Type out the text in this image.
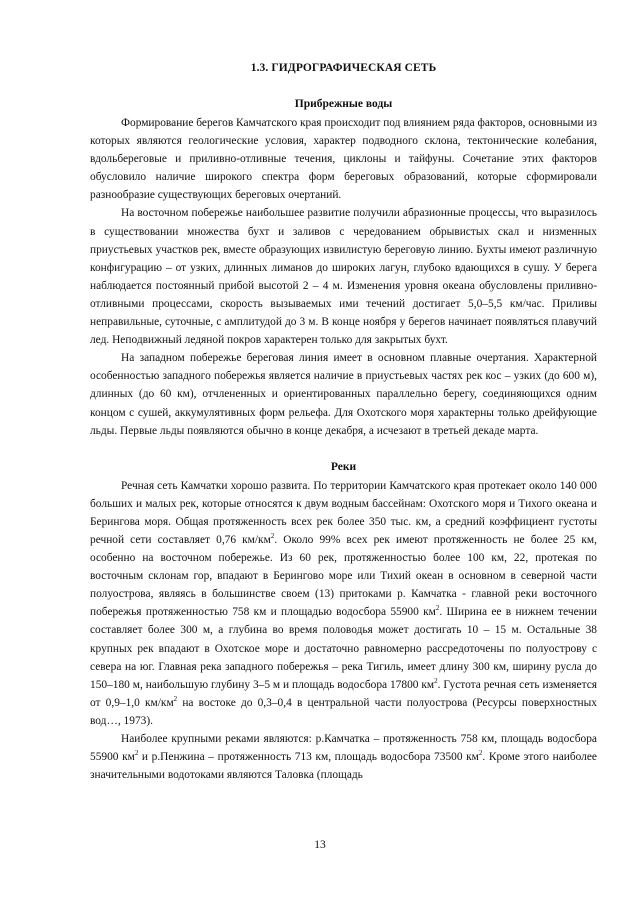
1.3. ГИДРОГРАФИЧЕСКАЯ СЕТЬ
Прибрежные воды

Формирование берегов Камчатского края происходит под влиянием ряда факторов, основными из которых являются геологические условия, характер подводного склона, тектонические колебания, вдольбереговые и приливно-отливные течения, циклоны и тайфуны. Сочетание этих факторов обусловило наличие широкого спектра форм береговых образований, которые сформировали разнообразие существующих береговых очертаний.

На восточном побережье наибольшее развитие получили абразионные процессы, что выразилось в существовании множества бухт и заливов с чередованием обрывистых скал и низменных приустьевых участков рек, вместе образующих извилистую береговую линию. Бухты имеют различную конфигурацию – от узких, длинных лиманов до широких лагун, глубоко вдающихся в сушу. У берега наблюдается постоянный прибой высотой 2 – 4 м. Изменения уровня океана обусловлены приливно-отливными процессами, скорость вызываемых ими течений достигает 5,0–5,5 км/час. Приливы неправильные, суточные, с амплитудой до 3 м. В конце ноября у берегов начинает появляться плавучий лед. Неподвижный ледяной покров характерен только для закрытых бухт.

На западном побережье береговая линия имеет в основном плавные очертания. Характерной особенностью западного побережья является наличие в приустьевых частях рек кос – узких (до 600 м), длинных (до 60 км), отчлененных и ориентированных параллельно берегу, соединяющихся одним концом с сушей, аккумулятивных форм рельефа. Для Охотского моря характерны только дрейфующие льды. Первые льды появляются обычно в конце декабря, а исчезают в третьей декаде марта.

Реки

Речная сеть Камчатки хорошо развита. По территории Камчатского края протекает около 140 000 больших и малых рек, которые относятся к двум водным бассейнам: Охотского моря и Тихого океана и Берингова моря. Общая протяженность всех рек более 350 тыс. км, а средний коэффициент густоты речной сети составляет 0,76 $км/км^2$. Около 99% всех рек имеют протяженность не более 25 км, особенно на восточном побережье. Из 60 рек, протяженностью более 100 км, 22, протекая по восточным склонам гор, впадают в Берингово море или Тихий океан в основном в северной части полуострова, являясь в большинстве своем (13) притоками р. Камчатка - главной реки восточного побережья протяженностью 758 км и площадью водосбора 55900 $км^2$. Ширина ее в нижнем течении составляет более 300 м, а глубина во время половодья может достигать 10 – 15 м. Остальные 38 крупных рек впадают в Охотское море и достаточно равномерно рассредоточены по полуострову с севера на юг. Главная река западного побережья – река Тигиль, имеет длину 300 км, ширину русла до 150–180 м, наибольшую глубину 3–5 м и площадь водосбора 17800 $км^2$. Густота речная сеть изменяется от 0,9–1,0 $км/км^2$ на востоке до 0,3–0,4 в центральной части полуострова (Ресурсы поверхностных вод…, 1973).

Наиболее крупными реками являются: р.Камчатка – протяженность 758 км, площадь водосбора 55900 $км^2$ и р.Пенжина – протяженность 713 км, площадь водосбора 73500 $км^2$. Кроме этого наиболее значительными водотоками являются Таловка (площадь

13
